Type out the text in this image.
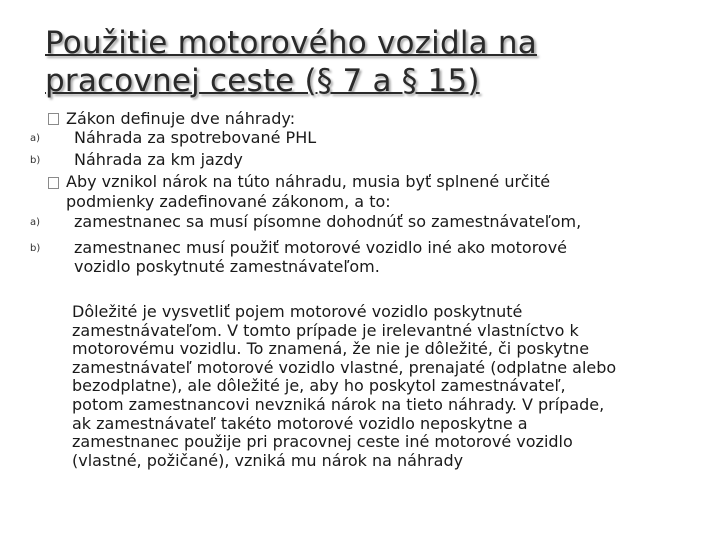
Použitie motorového vozidla na
pracovnej ceste (§ 7 a § 15)
Zákon definuje dve náhrady:
a) Náhrada za spotrebované PHL
b) Náhrada za km jazdy
Aby vznikol nárok na túto náhradu, musia byť splnené určité
podmienky zadefinované zákonom, a to:
a) zamestnanec sa musí písomne dohodnúť so zamestnávateľom,
b) zamestnanec musí použiť motorové vozidlo iné ako motorové
vozidlo poskytnuté zamestnávateľom.
Dôležité je vysvetliť pojem motorové vozidlo poskytnuté
zamestnávateľom. V tomto prípade je irelevantné vlastníctvo k
motorovému vozidlu. To znamená, že nie je dôležité, či poskytne
zamestnávateľ motorové vozidlo vlastné, prenajaté (odplatne alebo
bezodplatne), ale dôležité je, aby ho poskytol zamestnávateľ,
potom zamestnancovi nevzniká nárok na tieto náhrady. V prípade,
ak zamestnávateľ takéto motorové vozidlo neposkytne a
zamestnanec použije pri pracovnej ceste iné motorové vozidlo
(vlastné, požičané), vzniká mu nárok na náhrady
